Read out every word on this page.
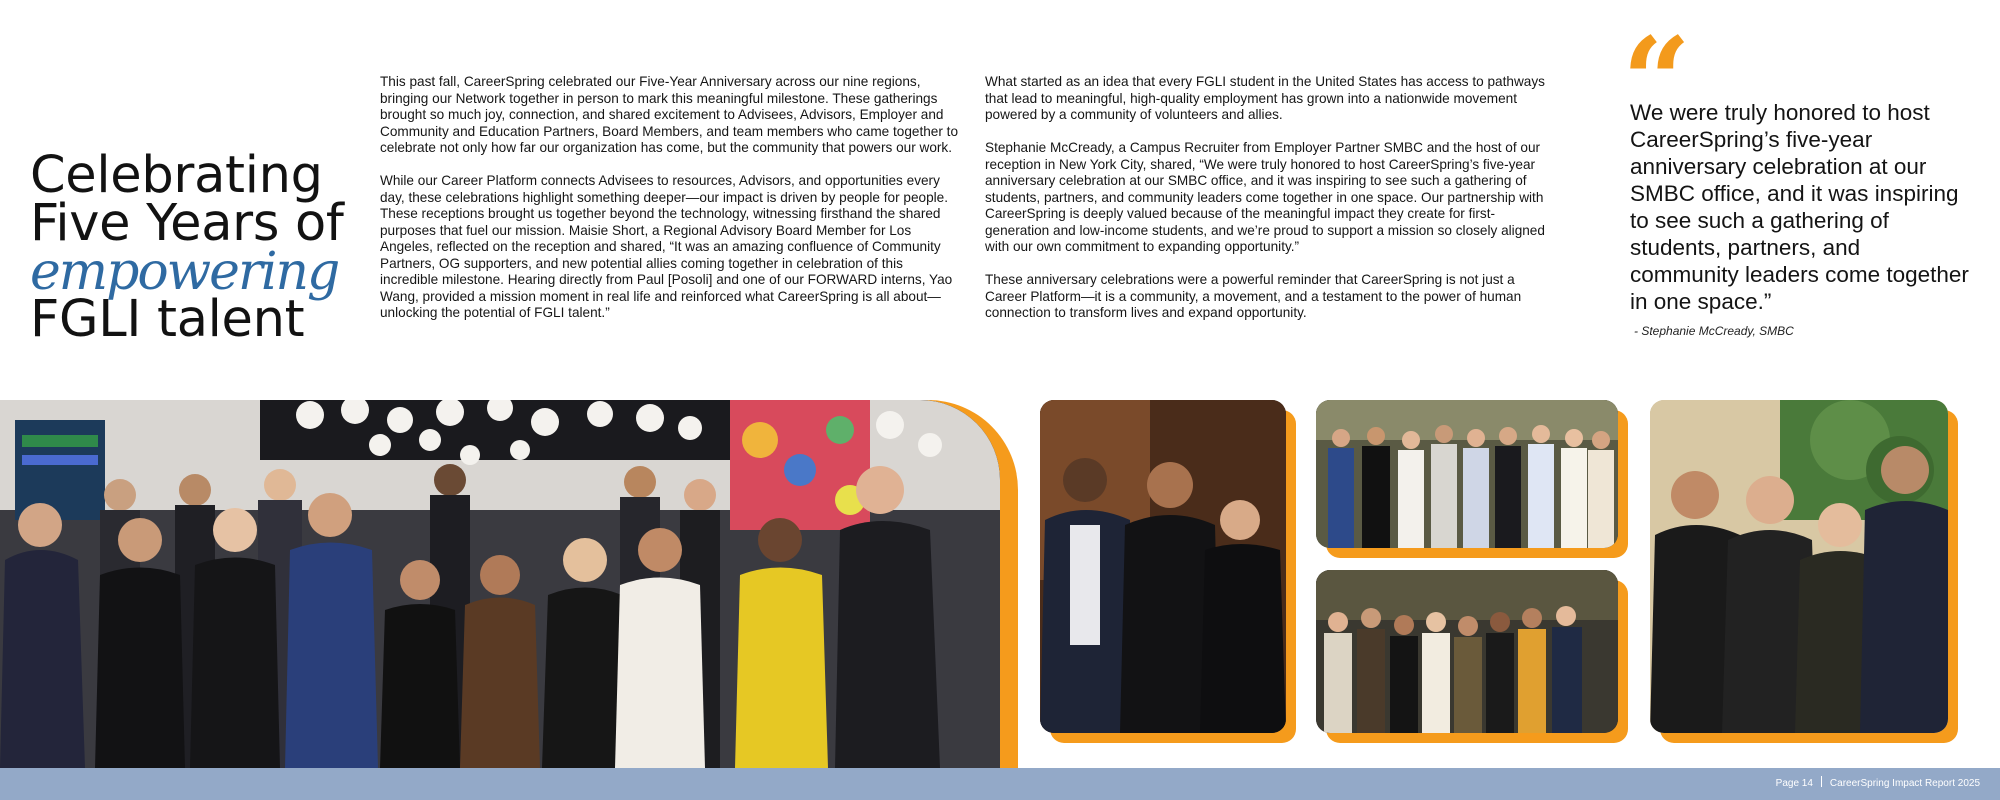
Celebrating
Five Years of
empowering
FGLI talent

This past fall, CareerSpring celebrated our Five-Year Anniversary across our nine regions, bringing our Network together in person to mark this meaningful milestone. These gatherings brought so much joy, connection, and shared excitement to Advisees, Advisors, Employer and Community and Education Partners, Board Members, and team members who came together to celebrate not only how far our organization has come, but the community that powers our work.

While our Career Platform connects Advisees to resources, Advisors, and opportunities every day, these celebrations highlight something deeper—our impact is driven by people for people. These receptions brought us together beyond the technology, witnessing firsthand the shared purposes that fuel our mission. Maisie Short, a Regional Advisory Board Member for Los Angeles, reflected on the reception and shared, “It was an amazing confluence of Community Partners, OG supporters, and new potential allies coming together in celebration of this incredible milestone. Hearing directly from Paul [Posoli] and one of our FORWARD interns, Yao Wang, provided a mission moment in real life and reinforced what CareerSpring is all about—unlocking the potential of FGLI talent.”

What started as an idea that every FGLI student in the United States has access to pathways that lead to meaningful, high-quality employment has grown into a nationwide movement powered by a community of volunteers and allies.

Stephanie McCready, a Campus Recruiter from Employer Partner SMBC and the host of our reception in New York City, shared, “We were truly honored to host CareerSpring’s five-year anniversary celebration at our SMBC office, and it was inspiring to see such a gathering of students, partners, and community leaders come together in one space. Our partnership with CareerSpring is deeply valued because of the meaningful impact they create for first-generation and low-income students, and we’re proud to support a mission so closely aligned with our own commitment to expanding opportunity.”

These anniversary celebrations were a powerful reminder that CareerSpring is not just a Career Platform—it is a community, a movement, and a testament to the power of human connection to transform lives and expand opportunity.

“
We were truly honored to host CareerSpring’s five-year anniversary celebration at our SMBC office, and it was inspiring to see such a gathering of students, partners, and community leaders come together in one space.”
- Stephanie McCready, SMBC
Page 14 CareerSpring Impact Report 2025
